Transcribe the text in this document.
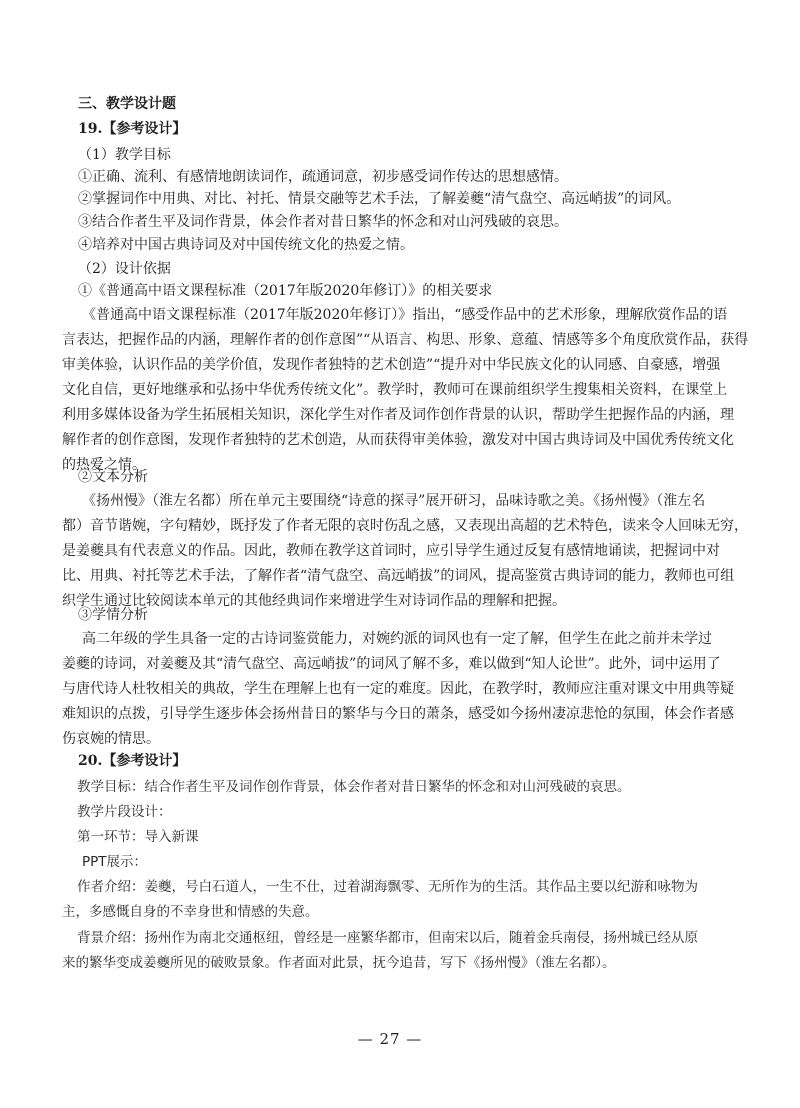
三、教学设计题

19.【参考设计】

（1）教学目标

①正确、流利、有感情地朗读词作，疏通词意，初步感受词作传达的思想感情。

②掌握词作中用典、对比、衬托、情景交融等艺术手法，了解姜夔“清气盘空、高远峭拔”的词风。

③结合作者生平及词作背景，体会作者对昔日繁华的怀念和对山河残破的哀思。

④培养对中国古典诗词及对中国传统文化的热爱之情。

（2）设计依据

①《普通高中语文课程标准（2017年版2020年修订）》的相关要求

《普通高中语文课程标准（2017年版2020年修订）》指出，“感受作品中的艺术形象，理解欣赏作品的语

言表达，把握作品的内涵，理解作者的创作意图”“从语言、构思、形象、意蕴、情感等多个角度欣赏作品，获得

审美体验，认识作品的美学价值，发现作者独特的艺术创造”“提升对中华民族文化的认同感、自豪感，增强

文化自信，更好地继承和弘扬中华优秀传统文化”。教学时，教师可在课前组织学生搜集相关资料，在课堂上

利用多媒体设备为学生拓展相关知识，深化学生对作者及词作创作背景的认识，帮助学生把握作品的内涵，理

解作者的创作意图，发现作者独特的艺术创造，从而获得审美体验，激发对中国古典诗词及中国优秀传统文化

的热爱之情。

②文本分析

《扬州慢》（淮左名都）所在单元主要围绕“诗意的探寻”展开研习，品味诗歌之美。《扬州慢》（淮左名

都）音节谐婉，字句精妙，既抒发了作者无限的哀时伤乱之感，又表现出高超的艺术特色，读来令人回味无穷，

是姜夔具有代表意义的作品。因此，教师在教学这首词时，应引导学生通过反复有感情地诵读，把握词中对

比、用典、衬托等艺术手法，了解作者“清气盘空、高远峭拔”的词风，提高鉴赏古典诗词的能力，教师也可组

织学生通过比较阅读本单元的其他经典词作来增进学生对诗词作品的理解和把握。

③学情分析

高二年级的学生具备一定的古诗词鉴赏能力，对婉约派的词风也有一定了解，但学生在此之前并未学过

姜夔的诗词，对姜夔及其“清气盘空、高远峭拔”的词风了解不多，难以做到“知人论世”。此外，词中运用了

与唐代诗人杜牧相关的典故，学生在理解上也有一定的难度。因此，在教学时，教师应注重对课文中用典等疑

难知识的点拨，引导学生逐步体会扬州昔日的繁华与今日的萧条，感受如今扬州凄凉悲怆的氛围，体会作者感

伤哀婉的情思。

20.【参考设计】

教学目标：结合作者生平及词作创作背景，体会作者对昔日繁华的怀念和对山河残破的哀思。

教学片段设计：

第一环节：导入新课

PPT展示：

作者介绍：姜夔，号白石道人，一生不仕，过着湖海飘零、无所作为的生活。其作品主要以纪游和咏物为

主，多感慨自身的不幸身世和情感的失意。

背景介绍：扬州作为南北交通枢纽，曾经是一座繁华都市，但南宋以后，随着金兵南侵，扬州城已经从原

来的繁华变成姜夔所见的破败景象。作者面对此景，抚今追昔，写下《扬州慢》（淮左名都）。

— 27 —
